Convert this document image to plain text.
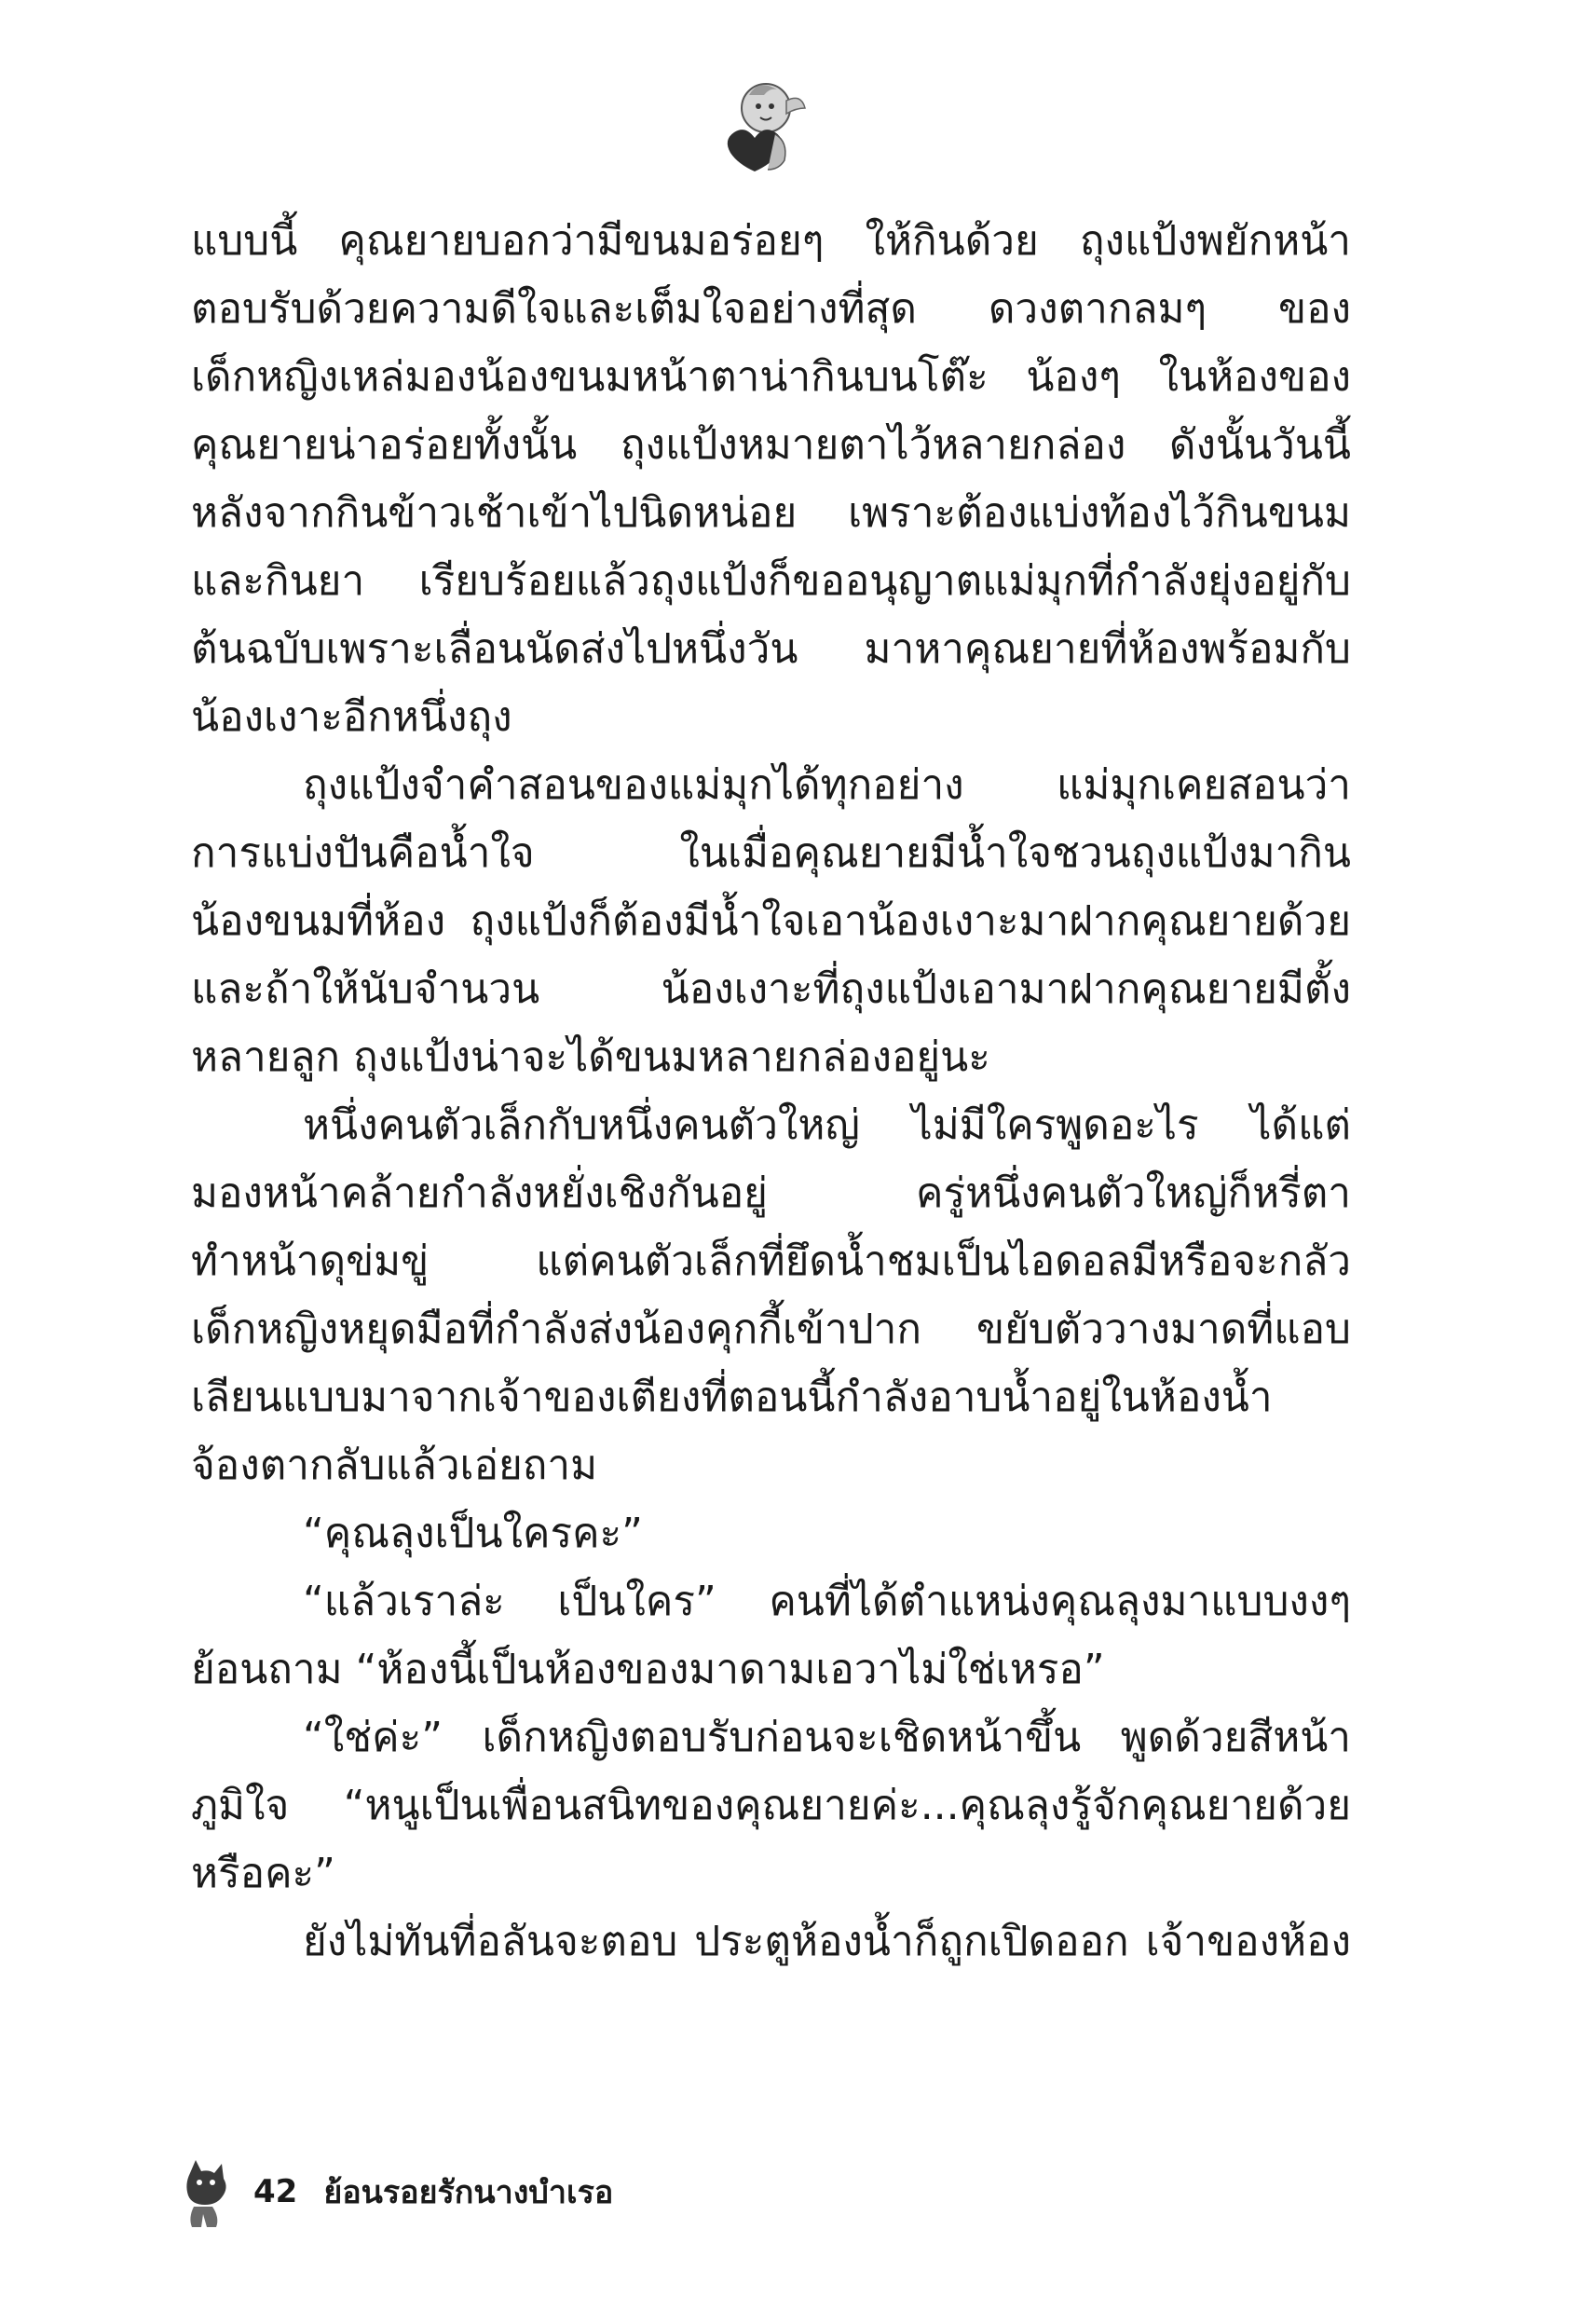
แบบนี้ คุณยายบอกว่ามีขนมอร่อยๆ ให้กินด้วย ถุงแป้งพยักหน้า
ตอบรับด้วยความดีใจและเต็มใจอย่างที่สุด ดวงตากลมๆ ของ
เด็กหญิงเหล่มองน้องขนมหน้าตาน่ากินบนโต๊ะ น้องๆ ในห้องของ
คุณยายน่าอร่อยทั้งนั้น ถุงแป้งหมายตาไว้หลายกล่อง ดังนั้นวันนี้
หลังจากกินข้าวเช้าเข้าไปนิดหน่อย เพราะต้องแบ่งท้องไว้กินขนม
และกินยา เรียบร้อยแล้วถุงแป้งก็ขออนุญาตแม่มุกที่กำลังยุ่งอยู่กับ
ต้นฉบับเพราะเลื่อนนัดส่งไปหนึ่งวัน มาหาคุณยายที่ห้องพร้อมกับ
น้องเงาะอีกหนึ่งถุง
ถุงแป้งจำคำสอนของแม่มุกได้ทุกอย่าง แม่มุกเคยสอนว่า
การแบ่งปันคือน้ำใจ ในเมื่อคุณยายมีน้ำใจชวนถุงแป้งมากิน
น้องขนมที่ห้อง ถุงแป้งก็ต้องมีน้ำใจเอาน้องเงาะมาฝากคุณยายด้วย
และถ้าให้นับจำนวน น้องเงาะที่ถุงแป้งเอามาฝากคุณยายมีตั้ง
หลายลูก ถุงแป้งน่าจะได้ขนมหลายกล่องอยู่นะ
หนึ่งคนตัวเล็กกับหนึ่งคนตัวใหญ่ ไม่มีใครพูดอะไร ได้แต่
มองหน้าคล้ายกำลังหยั่งเชิงกันอยู่ ครู่หนึ่งคนตัวใหญ่ก็หรี่ตา
ทำหน้าดุข่มขู่ แต่คนตัวเล็กที่ยึดน้ำชมเป็นไอดอลมีหรือจะกลัว
เด็กหญิงหยุดมือที่กำลังส่งน้องคุกกี้เข้าปาก ขยับตัววางมาดที่แอบ
เลียนแบบมาจากเจ้าของเตียงที่ตอนนี้กำลังอาบน้ำอยู่ในห้องน้ำ
จ้องตากลับแล้วเอ่ยถาม
“คุณลุงเป็นใครคะ”
“แล้วเราล่ะ เป็นใคร” คนที่ได้ตำแหน่งคุณลุงมาแบบงงๆ
ย้อนถาม “ห้องนี้เป็นห้องของมาดามเอวาไม่ใช่เหรอ”
“ใช่ค่ะ” เด็กหญิงตอบรับก่อนจะเชิดหน้าขึ้น พูดด้วยสีหน้า
ภูมิใจ “หนูเป็นเพื่อนสนิทของคุณยายค่ะ...คุณลุงรู้จักคุณยายด้วย
หรือคะ”
ยังไม่ทันที่อลันจะตอบ ประตูห้องน้ำก็ถูกเปิดออก เจ้าของห้อง
42 ย้อนรอยรักนางบำเรอ
